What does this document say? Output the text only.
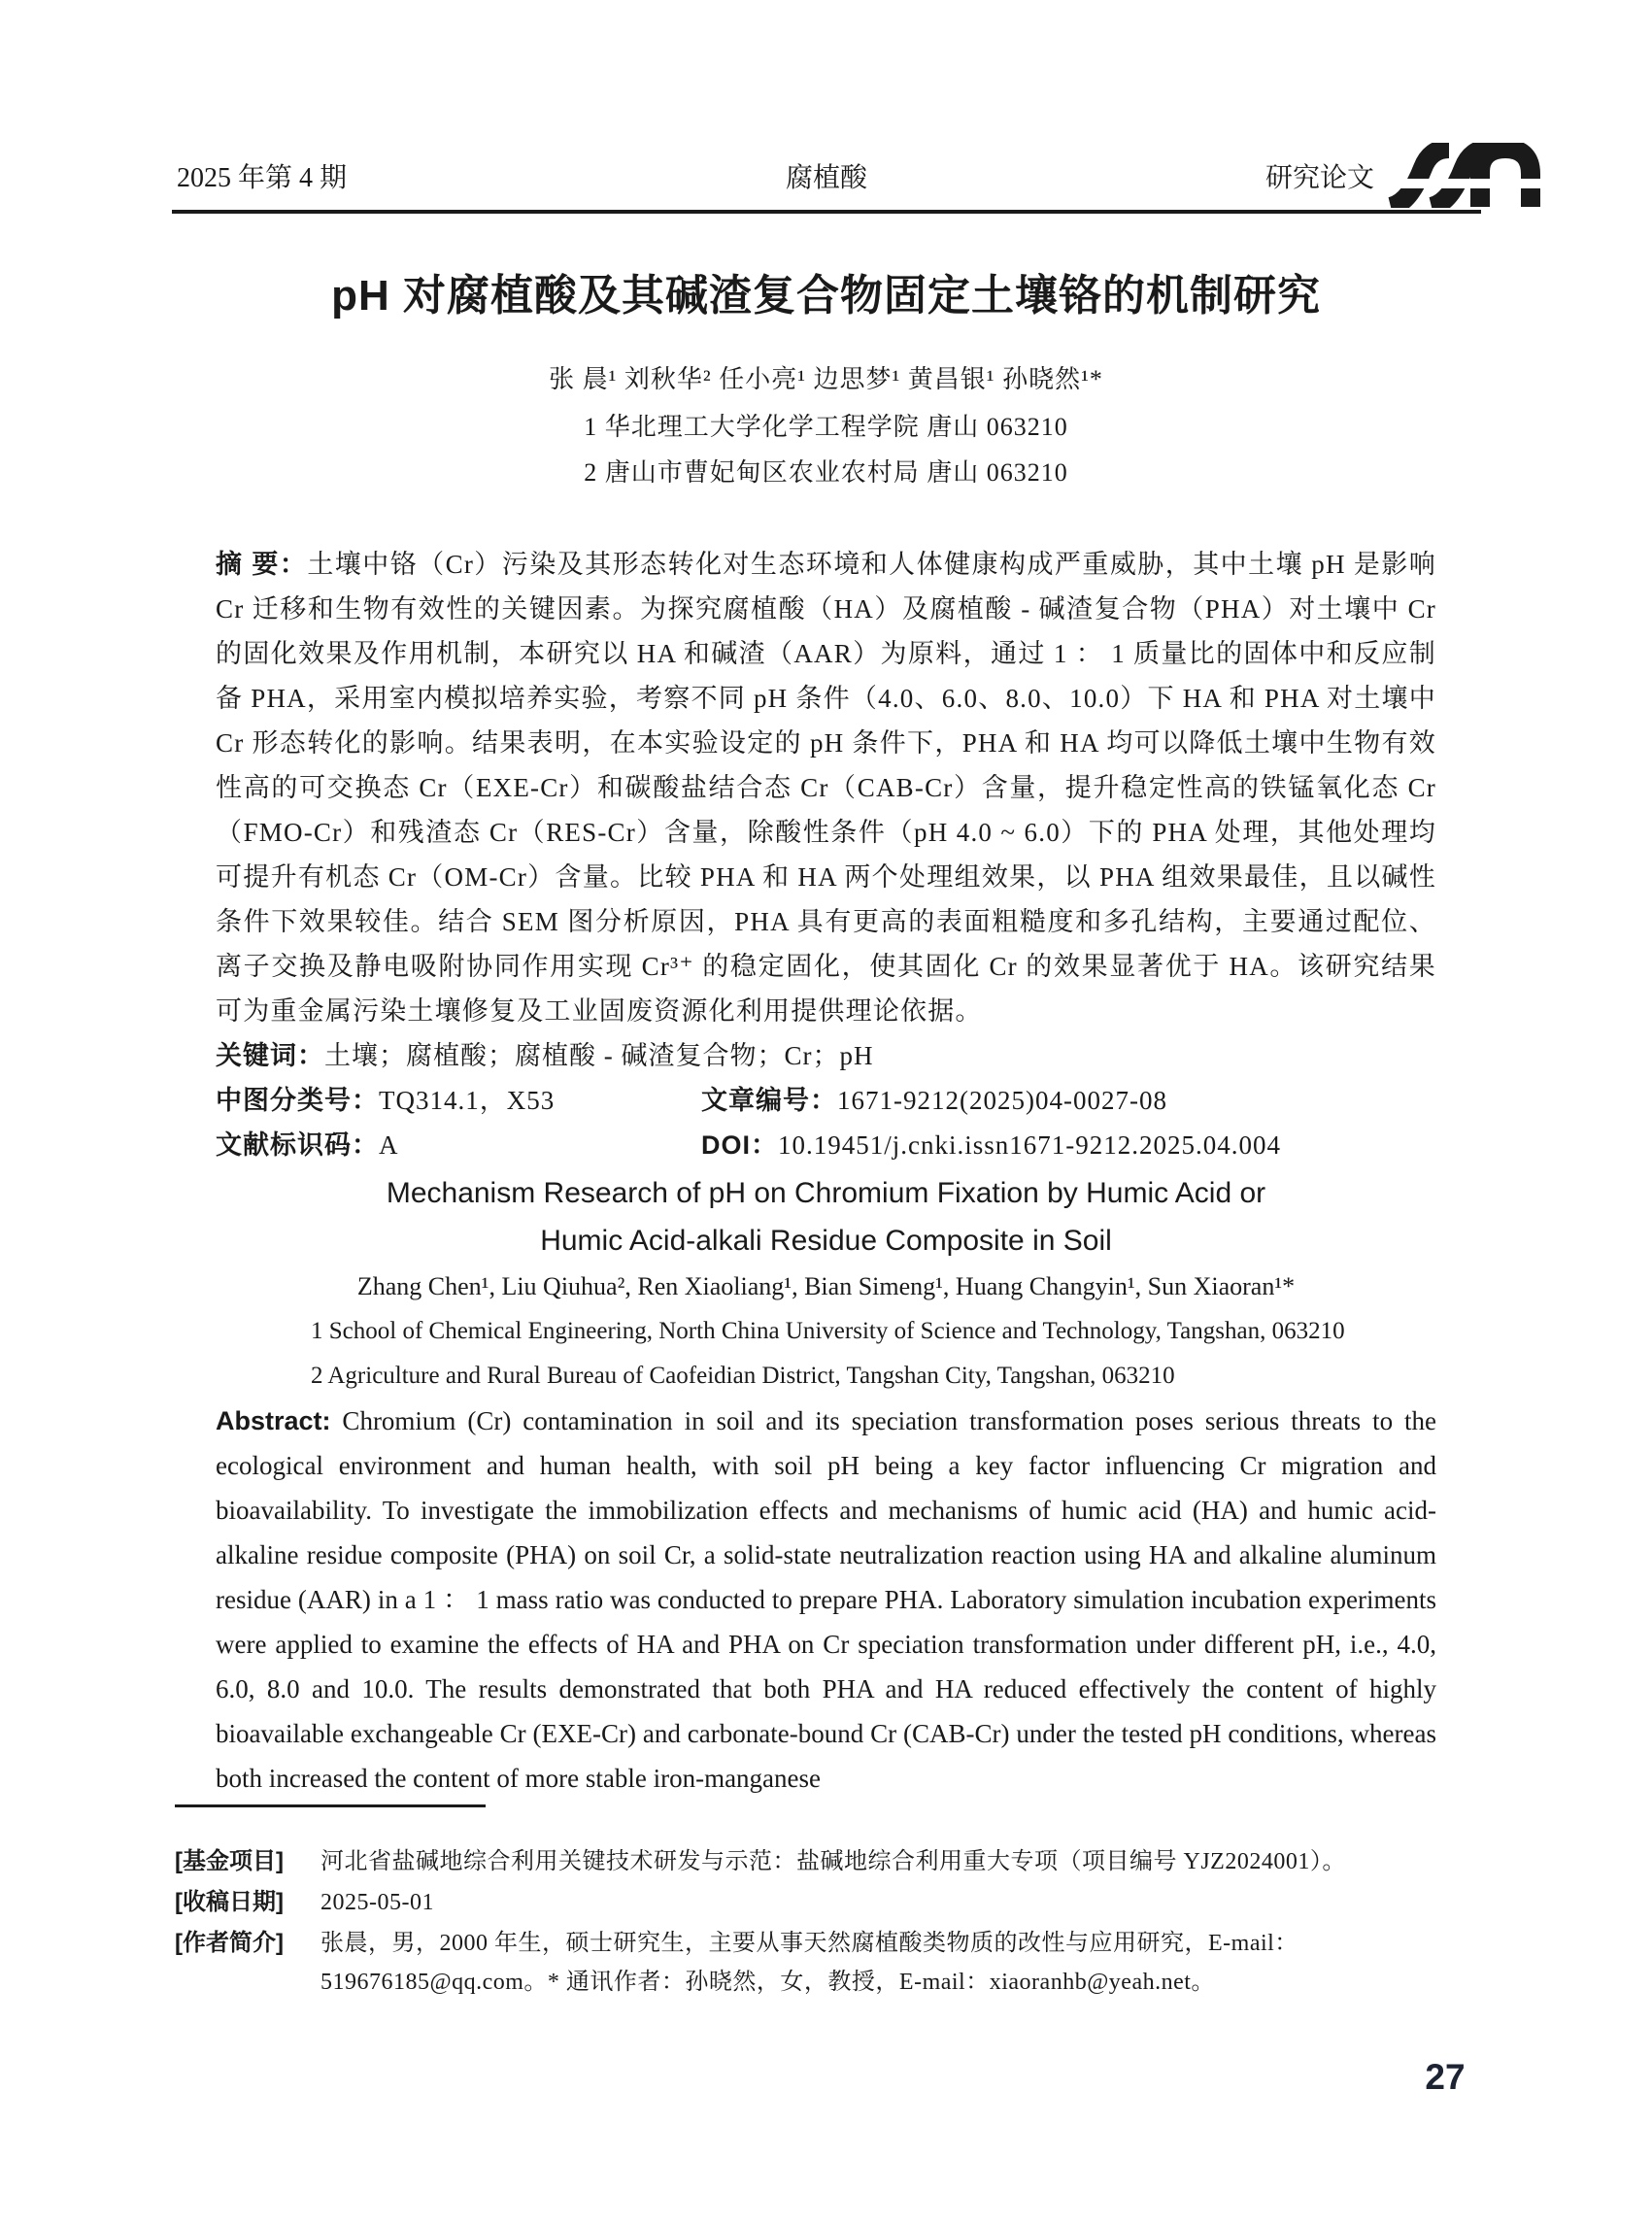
2025 年第 4 期	腐植酸	研究论文
pH 对腐植酸及其碱渣复合物固定土壤铬的机制研究
张 晨¹ 刘秋华² 任小亮¹ 边思梦¹ 黄昌银¹ 孙晓然¹*
1 华北理工大学化学工程学院 唐山 063210
2 唐山市曹妃甸区农业农村局 唐山 063210

摘 要：土壤中铬（Cr）污染及其形态转化对生态环境和人体健康构成严重威胁，其中土壤 pH 是影响 Cr 迁移和生物有效性的关键因素。为探究腐植酸（HA）及腐植酸 - 碱渣复合物（PHA）对土壤中 Cr 的固化效果及作用机制，本研究以 HA 和碱渣（AAR）为原料，通过 1 ： 1 质量比的固体中和反应制备 PHA，采用室内模拟培养实验，考察不同 pH 条件（4.0、6.0、8.0、10.0）下 HA 和 PHA 对土壤中 Cr 形态转化的影响。结果表明，在本实验设定的 pH 条件下，PHA 和 HA 均可以降低土壤中生物有效性高的可交换态 Cr（EXE-Cr）和碳酸盐结合态 Cr（CAB-Cr）含量，提升稳定性高的铁锰氧化态 Cr（FMO-Cr）和残渣态 Cr（RES-Cr）含量，除酸性条件（pH 4.0 ~ 6.0）下的 PHA 处理，其他处理均可提升有机态 Cr（OM-Cr）含量。比较 PHA 和 HA 两个处理组效果，以 PHA 组效果最佳，且以碱性条件下效果较佳。结合 SEM 图分析原因，PHA 具有更高的表面粗糙度和多孔结构，主要通过配位、离子交换及静电吸附协同作用实现 Cr³⁺ 的稳定固化，使其固化 Cr 的效果显著优于 HA。该研究结果可为重金属污染土壤修复及工业固废资源化利用提供理论依据。

关键词： 土壤；腐植酸；腐植酸 - 碱渣复合物；Cr；pH

中图分类号：TQ314.1，X53	文章编号：1671-9212(2025)04-0027-08

文献标识码：A	DOI：10.19451/j.cnki.issn1671-9212.2025.04.004

Mechanism Research of pH on Chromium Fixation by Humic Acid or

Humic Acid-alkali Residue Composite in Soil

Zhang Chen¹, Liu Qiuhua², Ren Xiaoliang¹, Bian Simeng¹, Huang Changyin¹, Sun Xiaoran¹*

1 School of Chemical Engineering, North China University of Science and Technology, Tangshan, 063210

2 Agriculture and Rural Bureau of Caofeidian District, Tangshan City, Tangshan, 063210

Abstract: Chromium (Cr) contamination in soil and its speciation transformation poses serious threats to the ecological environment and human health, with soil pH being a key factor influencing Cr migration and bioavailability. To investigate the immobilization effects and mechanisms of humic acid (HA) and humic acid-alkaline residue composite (PHA) on soil Cr, a solid-state neutralization reaction using HA and alkaline aluminum residue (AAR) in a 1 ： 1 mass ratio was conducted to prepare PHA. Laboratory simulation incubation experiments were applied to examine the effects of HA and PHA on Cr speciation transformation under different pH, i.e., 4.0, 6.0, 8.0 and 10.0. The results demonstrated that both PHA and HA reduced effectively the content of highly bioavailable exchangeable Cr (EXE-Cr) and carbonate-bound Cr (CAB-Cr) under the tested pH conditions, whereas both increased the content of more stable iron-manganese

[基金项目]	河北省盐碱地综合利用关键技术研发与示范：盐碱地综合利用重大专项（项目编号 YJZ2024001）。
[收稿日期]	2025-05-01
[作者简介]	张晨，男，2000 年生，硕士研究生，主要从事天然腐植酸类物质的改性与应用研究，E-mail：519676185@qq.com。* 通讯作者：孙晓然，女，教授，E-mail：xiaoranhb@yeah.net。
27
